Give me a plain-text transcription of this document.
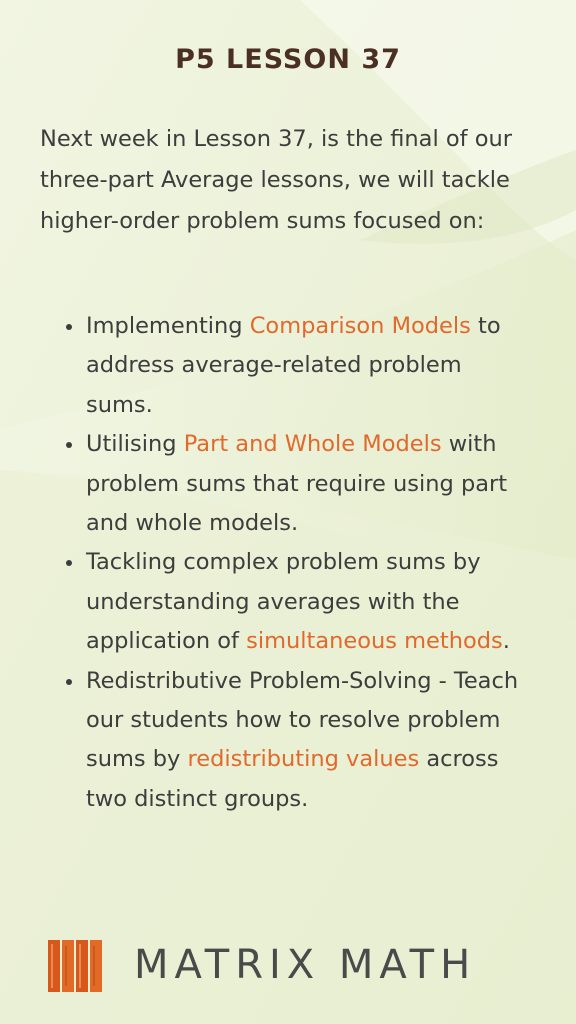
P5 LESSON 37
Next week in Lesson 37, is the final of our three-part Average lessons, we will tackle higher-order problem sums focused on:
Implementing Comparison Models to address average-related problem sums.
Utilising Part and Whole Models with problem sums that require using part and whole models.
Tackling complex problem sums by understanding averages with the application of simultaneous methods.
Redistributive Problem-Solving - Teach our students how to resolve problem sums by redistributing values across two distinct groups.
MATRIX MATH
